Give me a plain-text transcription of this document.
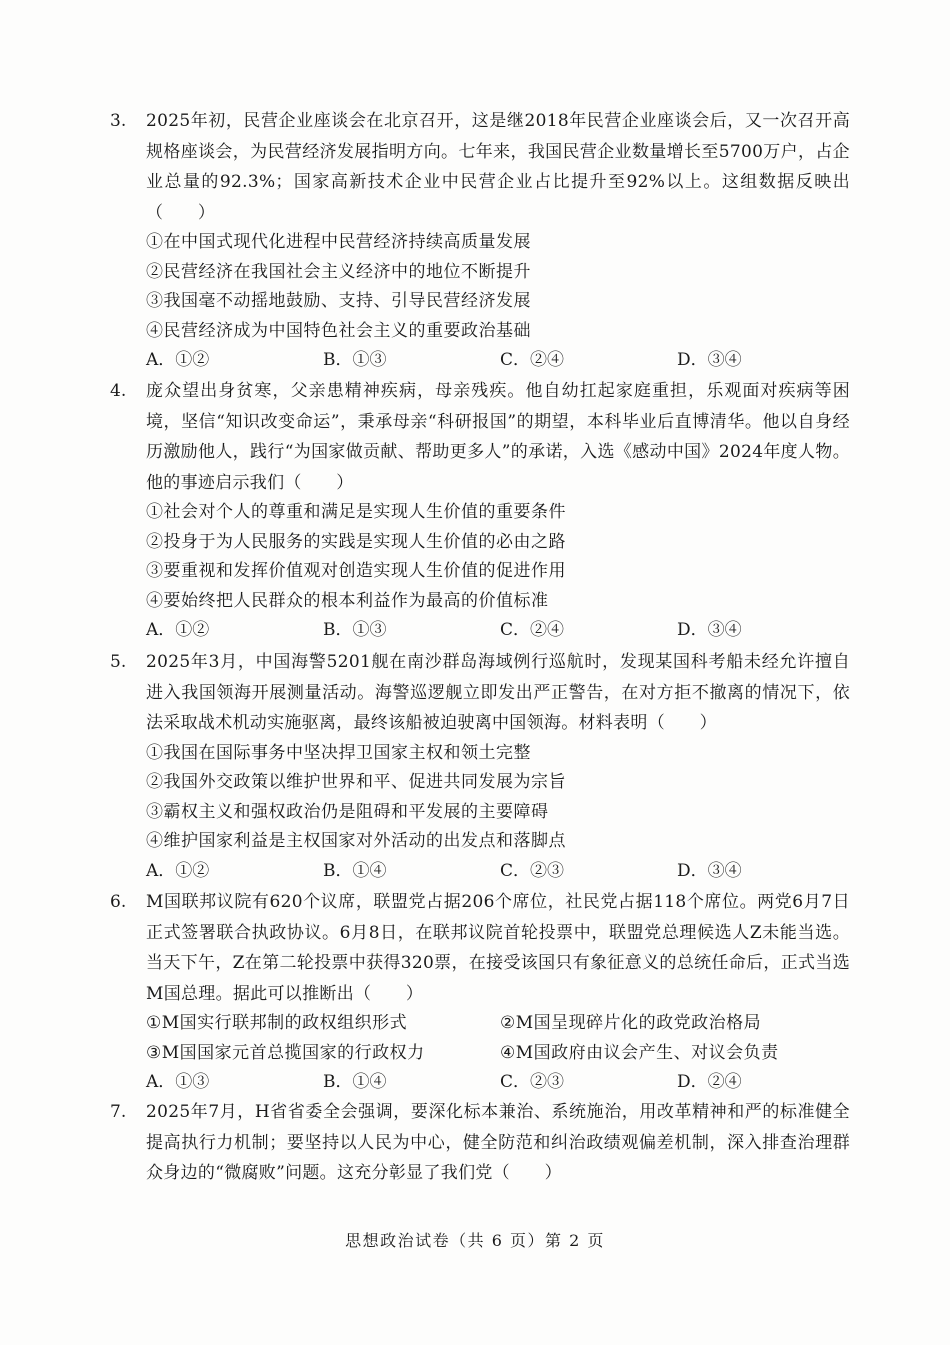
3. 2025年初，民营企业座谈会在北京召开，这是继2018年民营企业座谈会后，又一次召开高规格座谈会，为民营经济发展指明方向。七年来，我国民营企业数量增长至5700万户，占企业总量的92.3%；国家高新技术企业中民营企业占比提升至92%以上。这组数据反映出（　　）
①在中国式现代化进程中民营经济持续高质量发展
②民营经济在我国社会主义经济中的地位不断提升
③我国毫不动摇地鼓励、支持、引导民营经济发展
④民营经济成为中国特色社会主义的重要政治基础
A．①②	B．①③	C．②④	D．③④
4. 庞众望出身贫寒，父亲患精神疾病，母亲残疾。他自幼扛起家庭重担，乐观面对疾病等困境，坚信“知识改变命运”，秉承母亲“科研报国”的期望，本科毕业后直博清华。他以自身经历激励他人，践行“为国家做贡献、帮助更多人”的承诺，入选《感动中国》2024年度人物。他的事迹启示我们（　　）
①社会对个人的尊重和满足是实现人生价值的重要条件
②投身于为人民服务的实践是实现人生价值的必由之路
③要重视和发挥价值观对创造实现人生价值的促进作用
④要始终把人民群众的根本利益作为最高的价值标准
A．①②	B．①③	C．②④	D．③④
5. 2025年3月，中国海警5201舰在南沙群岛海域例行巡航时，发现某国科考船未经允许擅自进入我国领海开展测量活动。海警巡逻舰立即发出严正警告，在对方拒不撤离的情况下，依法采取战术机动实施驱离，最终该船被迫驶离中国领海。材料表明（　　）
①我国在国际事务中坚决捍卫国家主权和领土完整
②我国外交政策以维护世界和平、促进共同发展为宗旨
③霸权主义和强权政治仍是阻碍和平发展的主要障碍
④维护国家利益是主权国家对外活动的出发点和落脚点
A．①②	B．①④	C．②③	D．③④
6. M国联邦议院有620个议席，联盟党占据206个席位，社民党占据118个席位。两党6月7日正式签署联合执政协议。6月8日，在联邦议院首轮投票中，联盟党总理候选人Z未能当选。当天下午，Z在第二轮投票中获得320票，在接受该国只有象征意义的总统任命后，正式当选M国总理。据此可以推断出（　　）
①M国实行联邦制的政权组织形式	②M国呈现碎片化的政党政治格局
③M国国家元首总揽国家的行政权力	④M国政府由议会产生、对议会负责
A．①③	B．①④	C．②③	D．②④
7. 2025年7月，H省省委全会强调，要深化标本兼治、系统施治，用改革精神和严的标准健全提高执行力机制；要坚持以人民为中心，健全防范和纠治政绩观偏差机制，深入排查治理群众身边的“微腐败”问题。这充分彰显了我们党（　　）
思想政治试卷（共 6 页）第 2 页
